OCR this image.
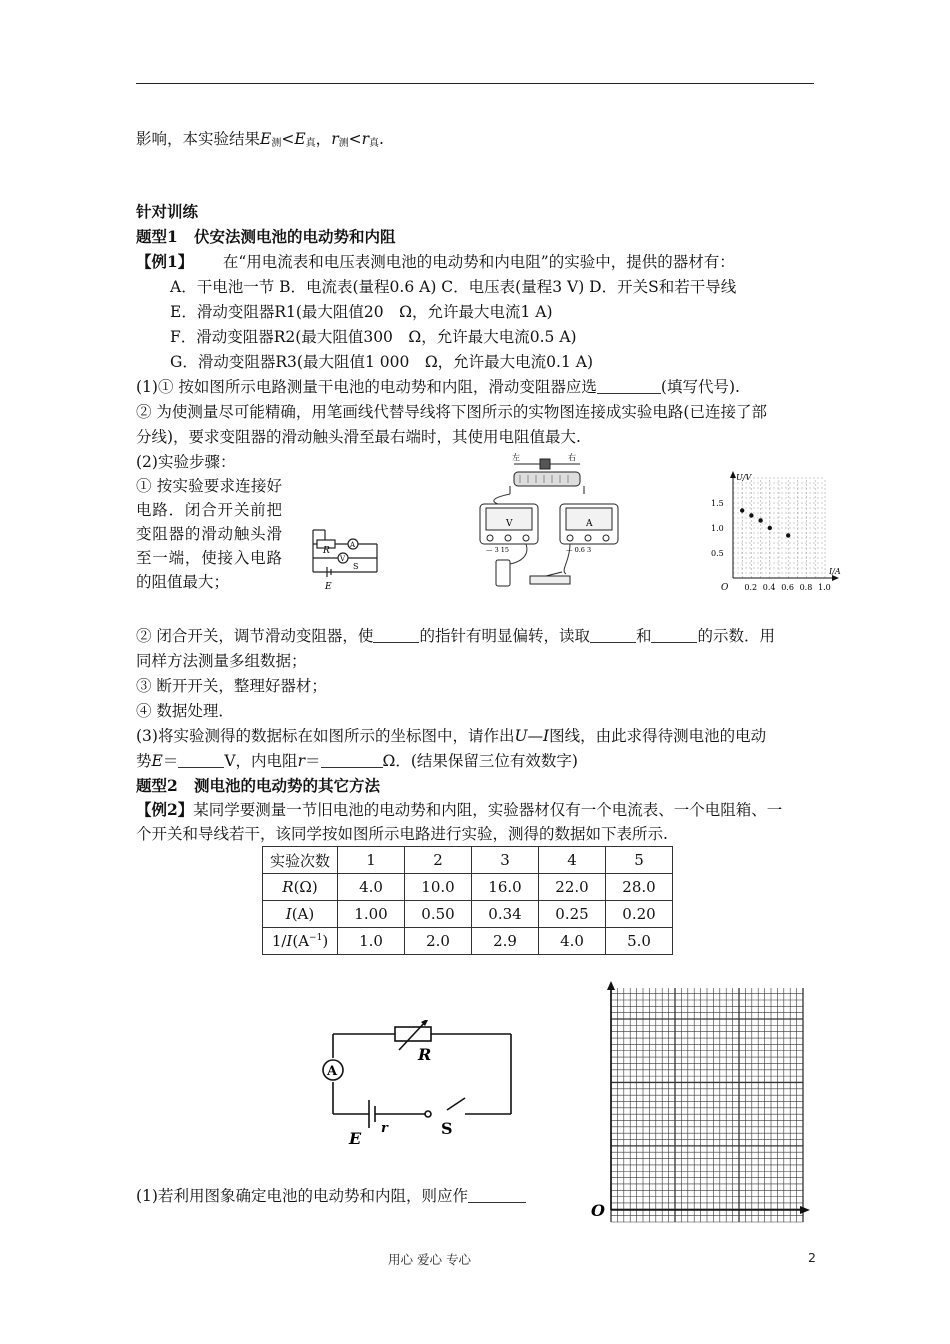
影响，本实验结果$E_测<E_真$，$r_测<r_真$.
针对训练
题型1 伏安法测电池的电动势和内阻
【例1】 在“用电流表和电压表测电池的电动势和内电阻”的实验中，提供的器材有：
A．干电池一节 B．电流表(量程0.6 A) C．电压表(量程3 V) D．开关S和若干导线
E．滑动变阻器R1(最大阻值20　Ω，允许最大电流1 A)
F．滑动变阻器R2(最大阻值300　Ω，允许最大电流0.5 A)
G．滑动变阻器R3(最大阻值1 000　Ω，允许最大电流0.1 A)
(1)① 按如图所示电路测量干电池的电动势和内阻，滑动变阻器应选	(填写代号).
② 为使测量尽可能精确，用笔画线代替导线将下图所示的实物图连接成实验电路(已连接了部
分线)，要求变阻器的滑动触头滑至最右端时，其使用电阻值最大.
(2)实验步骤：
① 按实验要求连接好电路．闭合开关前把变阻器的滑动触头滑至一端，使接入电路的阻值最大；
R
A
V
S
E
左	右
V	A
— 3 15	— 0.6 3
U/V
I/A
O
1.5
1.0
0.5
0.2 0.4 0.6 0.8 1.0
② 闭合开关，调节滑动变阻器，使	的指针有明显偏转，读取	和	的示数．用
同样方法测量多组数据；
③ 断开开关，整理好器材；
④ 数据处理．
(3)将实验测得的数据标在如图所示的坐标图中，请作出U—I图线，由此求得待测电池的电动
势E＝	V，内电阻r＝	Ω．(结果保留三位有效数字)
题型2 测电池的电动势的其它方法
【例2】某同学要测量一节旧电池的电动势和内阻，实验器材仅有一个电流表、一个电阻箱、一
个开关和导线若干，该同学按如图所示电路进行实验，测得的数据如下表所示.
实验次数	1	2	3	4	5
R(Ω)	4.0	10.0	16.0	22.0	28.0
I(A)	1.00	0.50	0.34	0.25	0.20
$1/I(A^{-1})$	1.0	2.0	2.9	4.0	5.0
A
R
E
r	S
O
(1)若利用图象确定电池的电动势和内阻，则应作
用心 爱心 专心	2
